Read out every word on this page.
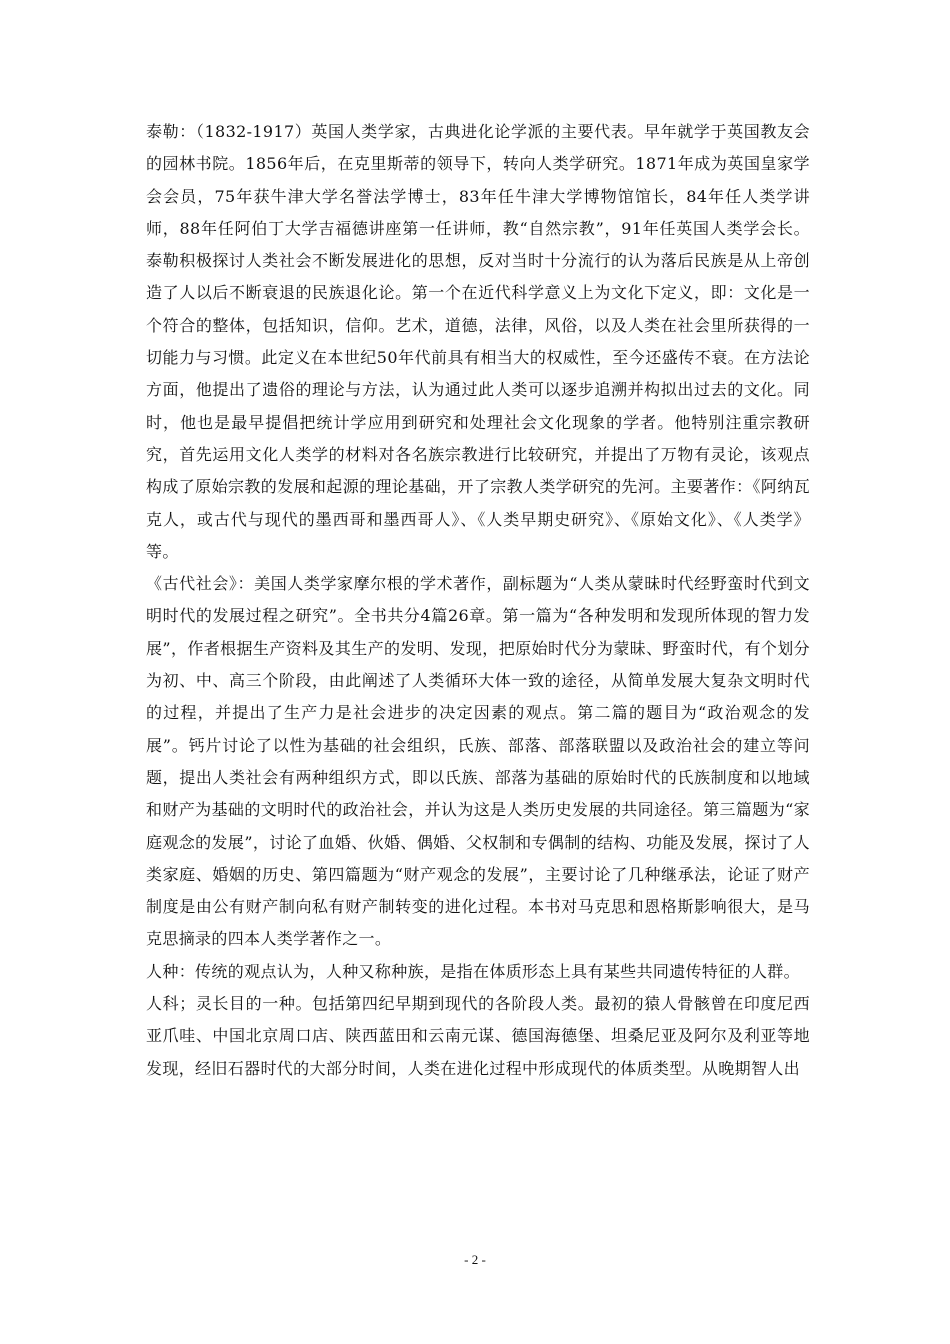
泰勒：（1832-1917）英国人类学家，古典进化论学派的主要代表。早年就学于英国教友会的园林书院。1856年后，在克里斯蒂的领导下，转向人类学研究。1871年成为英国皇家学会会员，75年获牛津大学名誉法学博士，83年任牛津大学博物馆馆长，84年任人类学讲师，88年任阿伯丁大学吉福德讲座第一任讲师，教“自然宗教”，91年任英国人类学会长。泰勒积极探讨人类社会不断发展进化的思想，反对当时十分流行的认为落后民族是从上帝创造了人以后不断衰退的民族退化论。第一个在近代科学意义上为文化下定义，即：文化是一个符合的整体，包括知识，信仰。艺术，道德，法律，风俗，以及人类在社会里所获得的一切能力与习惯。此定义在本世纪50年代前具有相当大的权威性，至今还盛传不衰。在方法论方面，他提出了遗俗的理论与方法，认为通过此人类可以逐步追溯并构拟出过去的文化。同时，他也是最早提倡把统计学应用到研究和处理社会文化现象的学者。他特别注重宗教研究，首先运用文化人类学的材料对各名族宗教进行比较研究，并提出了万物有灵论，该观点构成了原始宗教的发展和起源的理论基础，开了宗教人类学研究的先河。主要著作：《阿纳瓦克人，或古代与现代的墨西哥和墨西哥人》、《人类早期史研究》、《原始文化》、《人类学》等。

《古代社会》：美国人类学家摩尔根的学术著作，副标题为“人类从蒙昧时代经野蛮时代到文明时代的发展过程之研究”。全书共分4篇26章。第一篇为“各种发明和发现所体现的智力发展”，作者根据生产资料及其生产的发明、发现，把原始时代分为蒙昧、野蛮时代，有个划分为初、中、高三个阶段，由此阐述了人类循环大体一致的途径，从简单发展大复杂文明时代的过程，并提出了生产力是社会进步的决定因素的观点。第二篇的题目为“政治观念的发展”。钙片讨论了以性为基础的社会组织，氏族、部落、部落联盟以及政治社会的建立等问题，提出人类社会有两种组织方式，即以氏族、部落为基础的原始时代的氏族制度和以地域和财产为基础的文明时代的政治社会，并认为这是人类历史发展的共同途径。第三篇题为“家庭观念的发展”，讨论了血婚、伙婚、偶婚、父权制和专偶制的结构、功能及发展，探讨了人类家庭、婚姻的历史、第四篇题为“财产观念的发展”，主要讨论了几种继承法，论证了财产制度是由公有财产制向私有财产制转变的进化过程。本书对马克思和恩格斯影响很大，是马克思摘录的四本人类学著作之一。

人种：传统的观点认为，人种又称种族，是指在体质形态上具有某些共同遗传特征的人群。

人科；灵长目的一种。包括第四纪早期到现代的各阶段人类。最初的猿人骨骸曾在印度尼西亚爪哇、中国北京周口店、陕西蓝田和云南元谋、德国海德堡、坦桑尼亚及阿尔及利亚等地发现，经旧石器时代的大部分时间，人类在进化过程中形成现代的体质类型。从晚期智人出

- 2 -
